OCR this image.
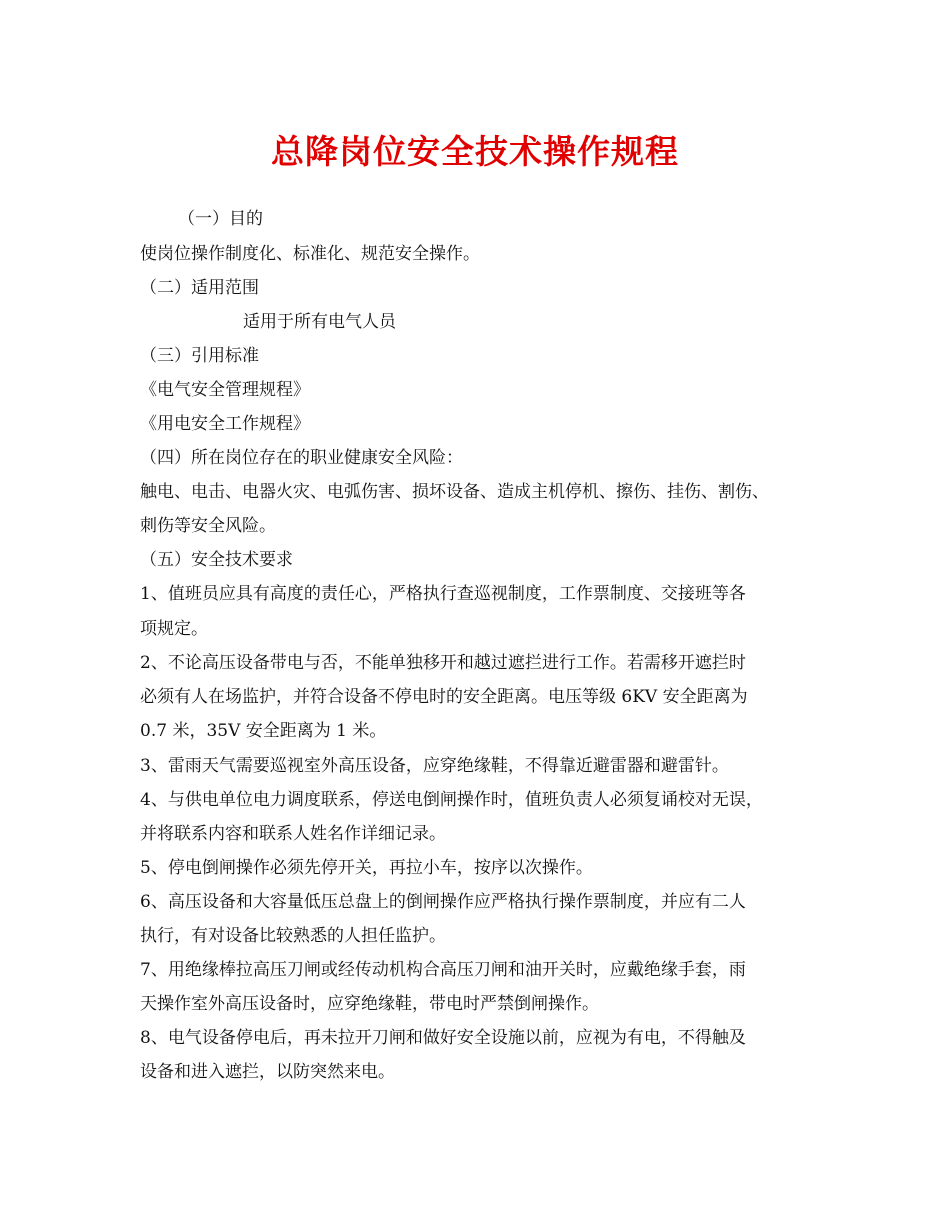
总降岗位安全技术操作规程

（一）目的

使岗位操作制度化、标准化、规范安全操作。

（二）适用范围

适用于所有电气人员

（三）引用标准

《电气安全管理规程》

《用电安全工作规程》

（四）所在岗位存在的职业健康安全风险：

触电、电击、电器火灾、电弧伤害、损坏设备、造成主机停机、擦伤、挂伤、割伤、

刺伤等安全风险。

（五）安全技术要求

1、值班员应具有高度的责任心，严格执行查巡视制度，工作票制度、交接班等各

项规定。

2、不论高压设备带电与否，不能单独移开和越过遮拦进行工作。若需移开遮拦时

必须有人在场监护，并符合设备不停电时的安全距离。电压等级 6KV 安全距离为

0.7 米，35V 安全距离为 1 米。

3、雷雨天气需要巡视室外高压设备，应穿绝缘鞋，不得靠近避雷器和避雷针。

4、与供电单位电力调度联系，停送电倒闸操作时，值班负责人必须复诵校对无误，

并将联系内容和联系人姓名作详细记录。

5、停电倒闸操作必须先停开关，再拉小车，按序以次操作。

6、高压设备和大容量低压总盘上的倒闸操作应严格执行操作票制度，并应有二人

执行，有对设备比较熟悉的人担任监护。

7、用绝缘棒拉高压刀闸或经传动机构合高压刀闸和油开关时，应戴绝缘手套，雨

天操作室外高压设备时，应穿绝缘鞋，带电时严禁倒闸操作。

8、电气设备停电后，再未拉开刀闸和做好安全设施以前，应视为有电，不得触及

设备和进入遮拦，以防突然来电。
